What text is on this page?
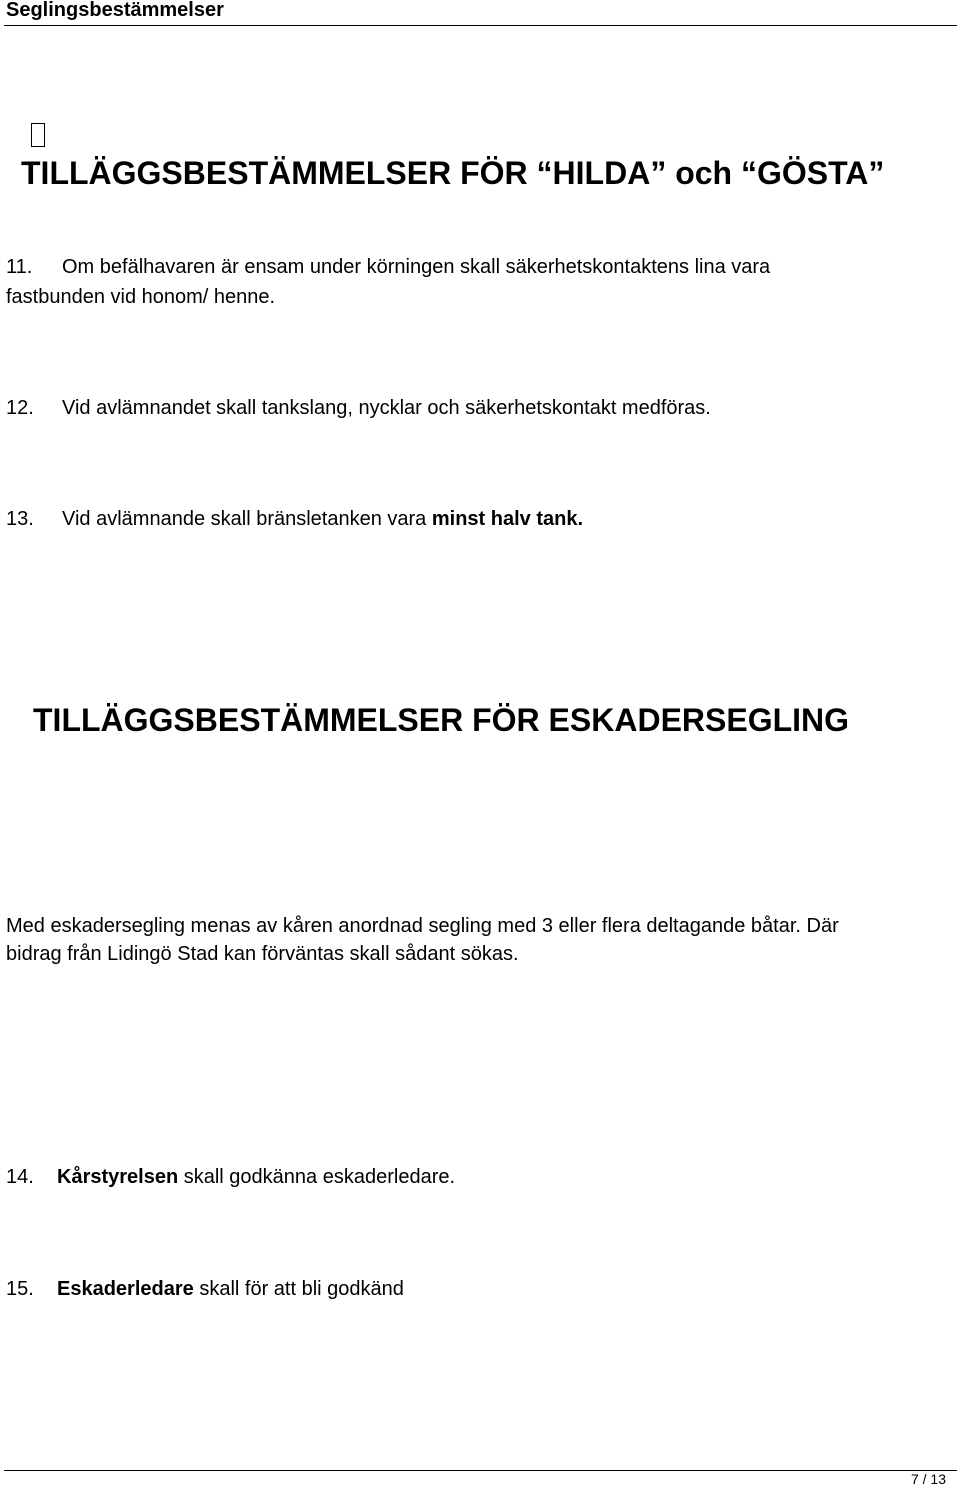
Seglingsbestämmelser
TILLÄGGSBESTÄMMELSER FÖR “HILDA” och “GÖSTA”
11. Om befälhavaren är ensam under körningen skall säkerhetskontaktens lina vara
fastbunden vid honom/ henne.
12. Vid avlämnandet skall tankslang, nycklar och säkerhetskontakt medföras.
13. Vid avlämnande skall bränsletanken vara minst halv tank.
TILLÄGGSBESTÄMMELSER FÖR ESKADERSEGLING
Med eskadersegling menas av kåren anordnad segling med 3 eller flera deltagande båtar. Där
bidrag från Lidingö Stad kan förväntas skall sådant sökas.
14. Kårstyrelsen skall godkänna eskaderledare.
15. Eskaderledare skall för att bli godkänd
7 / 13
